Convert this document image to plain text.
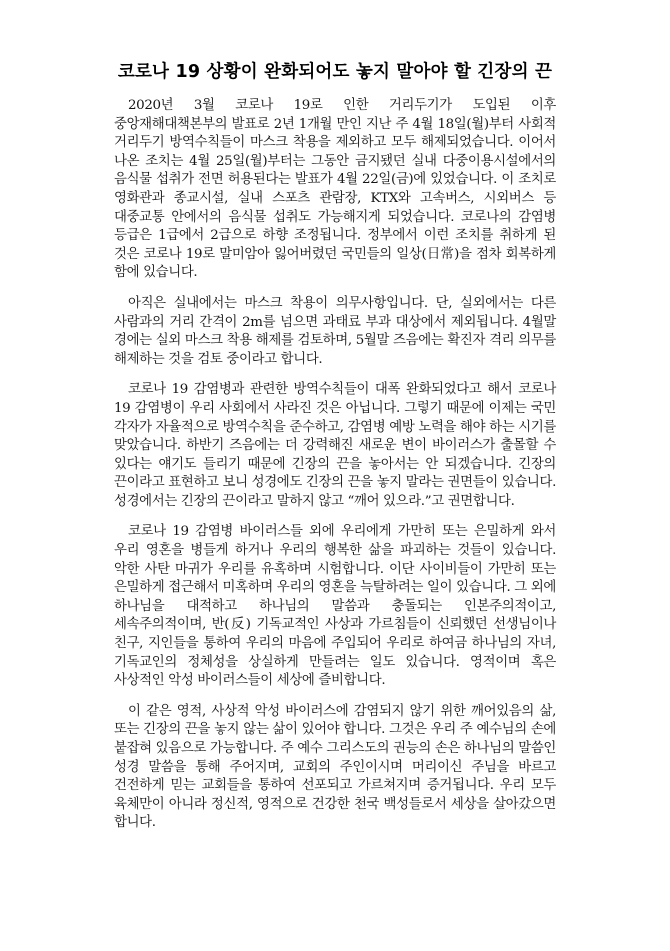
코로나 19 상황이 완화되어도 놓지 말아야 할 긴장의 끈

2020년 3월 코로나 19로 인한 거리두기가 도입된 이후 중앙재해대책본부의 발표로 2년 1개월 만인 지난 주 4월 18일(월)부터 사회적 거리두기 방역수칙들이 마스크 착용을 제외하고 모두 해제되었습니다. 이어서 나온 조치는 4월 25일(월)부터는 그동안 금지됐던 실내 다중이용시설에서의 음식물 섭취가 전면 허용된다는 발표가 4월 22일(금)에 있었습니다. 이 조치로 영화관과 종교시설, 실내 스포츠 관람장, KTX와 고속버스, 시외버스 등 대중교통 안에서의 음식물 섭취도 가능해지게 되었습니다. 코로나의 감염병 등급은 1급에서 2급으로 하향 조정됩니다. 정부에서 이런 조치를 취하게 된 것은 코로나 19로 말미암아 잃어버렸던 국민들의 일상(日常)을 점차 회복하게 함에 있습니다.

아직은 실내에서는 마스크 착용이 의무사항입니다. 단, 실외에서는 다른 사람과의 거리 간격이 2m를 넘으면 과태료 부과 대상에서 제외됩니다. 4월말 경에는 실외 마스크 착용 해제를 검토하며, 5월말 즈음에는 확진자 격리 의무를 해제하는 것을 검토 중이라고 합니다.

코로나 19 감염병과 관련한 방역수칙들이 대폭 완화되었다고 해서 코로나 19 감염병이 우리 사회에서 사라진 것은 아닙니다. 그렇기 때문에 이제는 국민 각자가 자율적으로 방역수칙을 준수하고, 감염병 예방 노력을 해야 하는 시기를 맞았습니다. 하반기 즈음에는 더 강력해진 새로운 변이 바이러스가 출몰할 수 있다는 얘기도 들리기 때문에 긴장의 끈을 놓아서는 안 되겠습니다. 긴장의 끈이라고 표현하고 보니 성경에도 긴장의 끈을 놓지 말라는 권면들이 있습니다. 성경에서는 긴장의 끈이라고 말하지 않고 “깨어 있으라.”고 권면합니다.

코로나 19 감염병 바이러스들 외에 우리에게 가만히 또는 은밀하게 와서 우리 영혼을 병들게 하거나 우리의 행복한 삶을 파괴하는 것들이 있습니다. 악한 사탄 마귀가 우리를 유혹하며 시험합니다. 이단 사이비들이 가만히 또는 은밀하게 접근해서 미혹하며 우리의 영혼을 늑탈하려는 일이 있습니다. 그 외에 하나님을 대적하고 하나님의 말씀과 충돌되는 인본주의적이고, 세속주의적이며, 반(反) 기독교적인 사상과 가르침들이 신뢰했던 선생님이나 친구, 지인들을 통하여 우리의 마음에 주입되어 우리로 하여금 하나님의 자녀, 기독교인의 정체성을 상실하게 만들려는 일도 있습니다. 영적이며 혹은 사상적인 악성 바이러스들이 세상에 즐비합니다.

이 같은 영적, 사상적 악성 바이러스에 감염되지 않기 위한 깨어있음의 삶, 또는 긴장의 끈을 놓지 않는 삶이 있어야 합니다. 그것은 우리 주 예수님의 손에 붙잡혀 있음으로 가능합니다. 주 예수 그리스도의 권능의 손은 하나님의 말씀인 성경 말씀을 통해 주어지며, 교회의 주인이시며 머리이신 주님을 바르고 건전하게 믿는 교회들을 통하여 선포되고 가르쳐지며 증거됩니다. 우리 모두 육체만이 아니라 정신적, 영적으로 건강한 천국 백성들로서 세상을 살아갔으면 합니다.
